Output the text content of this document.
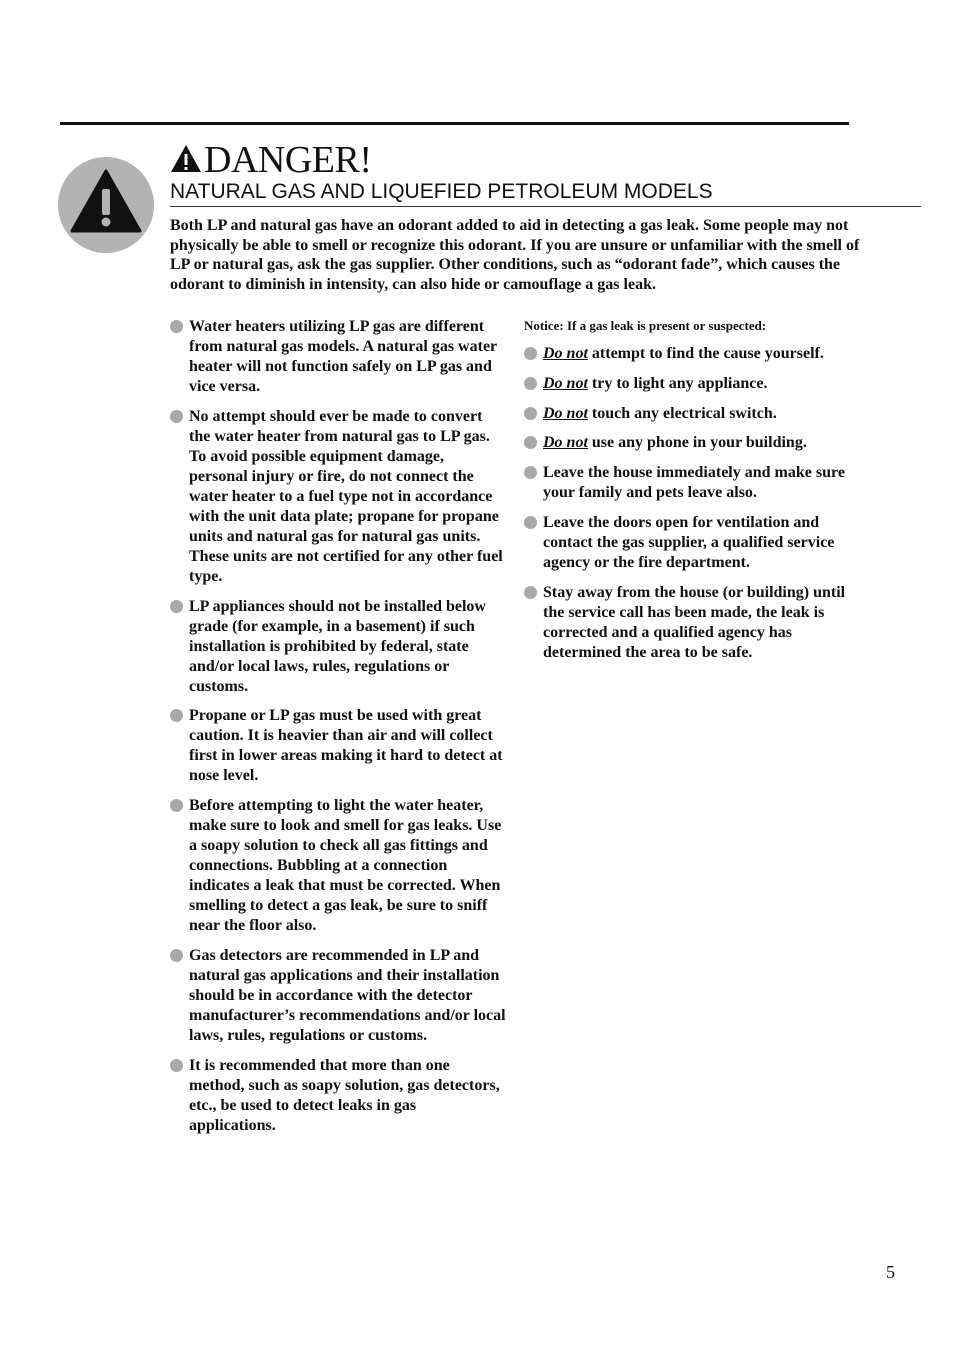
DANGER!
NATURAL GAS AND LIQUEFIED PETROLEUM MODELS
Both LP and natural gas have an odorant added to aid in detecting a gas leak. Some people may not physically be able to smell or recognize this odorant. If you are unsure or unfamiliar with the smell of LP or natural gas, ask the gas supplier. Other conditions, such as “odorant fade”, which causes the odorant to diminish in intensity, can also hide or camouflage a gas leak.
Water heaters utilizing LP gas are different from natural gas models. A natural gas water heater will not function safely on LP gas and vice versa.
No attempt should ever be made to convert the water heater from natural gas to LP gas. To avoid possible equipment damage, personal injury or fire, do not connect the water heater to a fuel type not in accordance with the unit data plate; propane for propane units and natural gas for natural gas units. These units are not certified for any other fuel type.
LP appliances should not be installed below grade (for example, in a basement) if such installation is prohibited by federal, state and/or local laws, rules, regulations or customs.
Propane or LP gas must be used with great caution. It is heavier than air and will collect first in lower areas making it hard to detect at nose level.
Before attempting to light the water heater, make sure to look and smell for gas leaks. Use a soapy solution to check all gas fittings and connections. Bubbling at a connection indicates a leak that must be corrected. When smelling to detect a gas leak, be sure to sniff near the floor also.
Gas detectors are recommended in LP and natural gas applications and their installation should be in accordance with the detector manufacturer’s recommendations and/or local laws, rules, regulations or customs.
It is recommended that more than one method, such as soapy solution, gas detectors, etc., be used to detect leaks in gas applications.
Notice: If a gas leak is present or suspected:
Do not attempt to find the cause yourself.
Do not try to light any appliance.
Do not touch any electrical switch.
Do not use any phone in your building.
Leave the house immediately and make sure your family and pets leave also.
Leave the doors open for ventilation and contact the gas supplier, a qualified service agency or the fire department.
Stay away from the house (or building) until the service call has been made, the leak is corrected and a qualified agency has determined the area to be safe.
5
